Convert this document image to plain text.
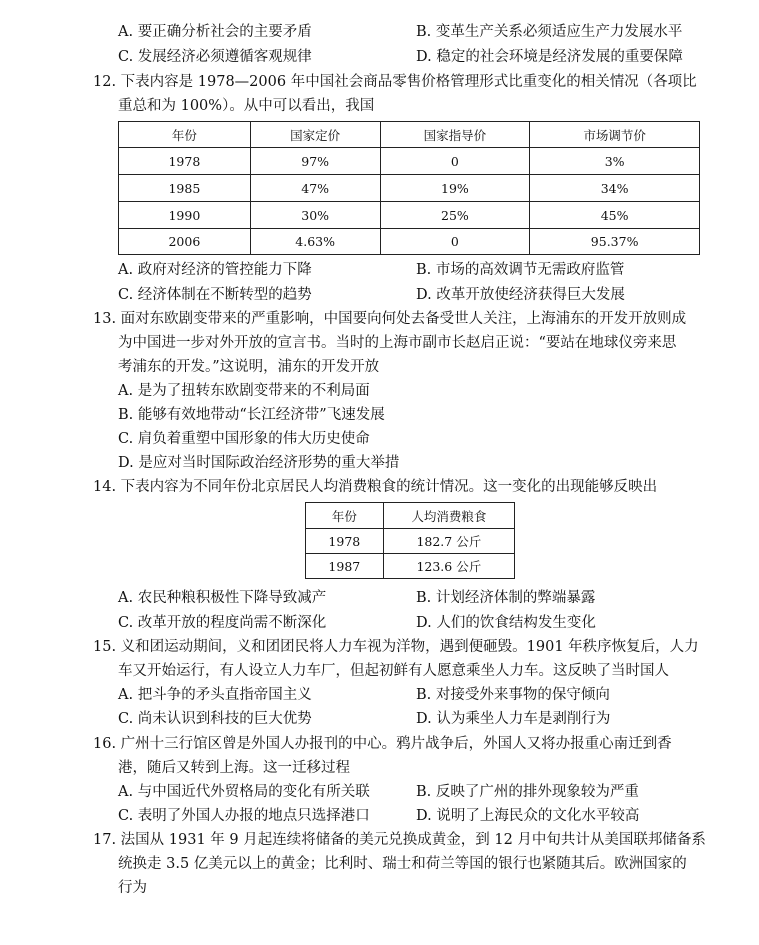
A. 要正确分析社会的主要矛盾	B. 变革生产关系必须适应生产力发展水平
C. 发展经济必须遵循客观规律	D. 稳定的社会环境是经济发展的重要保障
12. 下表内容是 1978—2006 年中国社会商品零售价格管理形式比重变化的相关情况（各项比
重总和为 100%）。从中可以看出，我国
年份	国家定价	国家指导价	市场调节价
1978	97%	0	3%
1985	47%	19%	34%
1990	30%	25%	45%
2006	4.63%	0	95.37%
A. 政府对经济的管控能力下降	B. 市场的高效调节无需政府监管
C. 经济体制在不断转型的趋势	D. 改革开放使经济获得巨大发展
13. 面对东欧剧变带来的严重影响，中国要向何处去备受世人关注，上海浦东的开发开放则成
为中国进一步对外开放的宣言书。当时的上海市副市长赵启正说：“要站在地球仪旁来思
考浦东的开发。”这说明，浦东的开发开放
A. 是为了扭转东欧剧变带来的不利局面
B. 能够有效地带动“长江经济带”飞速发展
C. 肩负着重塑中国形象的伟大历史使命
D. 是应对当时国际政治经济形势的重大举措
14. 下表内容为不同年份北京居民人均消费粮食的统计情况。这一变化的出现能够反映出
年份	人均消费粮食
1978	182.7 公斤
1987	123.6 公斤
A. 农民种粮积极性下降导致减产	B. 计划经济体制的弊端暴露
C. 改革开放的程度尚需不断深化	D. 人们的饮食结构发生变化
15. 义和团运动期间，义和团团民将人力车视为洋物，遇到便砸毁。1901 年秩序恢复后，人力
车又开始运行，有人设立人力车厂，但起初鲜有人愿意乘坐人力车。这反映了当时国人
A. 把斗争的矛头直指帝国主义	B. 对接受外来事物的保守倾向
C. 尚未认识到科技的巨大优势	D. 认为乘坐人力车是剥削行为
16. 广州十三行馆区曾是外国人办报刊的中心。鸦片战争后，外国人又将办报重心南迁到香
港，随后又转到上海。这一迁移过程
A. 与中国近代外贸格局的变化有所关联	B. 反映了广州的排外现象较为严重
C. 表明了外国人办报的地点只选择港口	D. 说明了上海民众的文化水平较高
17. 法国从 1931 年 9 月起连续将储备的美元兑换成黄金，到 12 月中旬共计从美国联邦储备系
统换走 3.5 亿美元以上的黄金；比利时、瑞士和荷兰等国的银行也紧随其后。欧洲国家的
行为
